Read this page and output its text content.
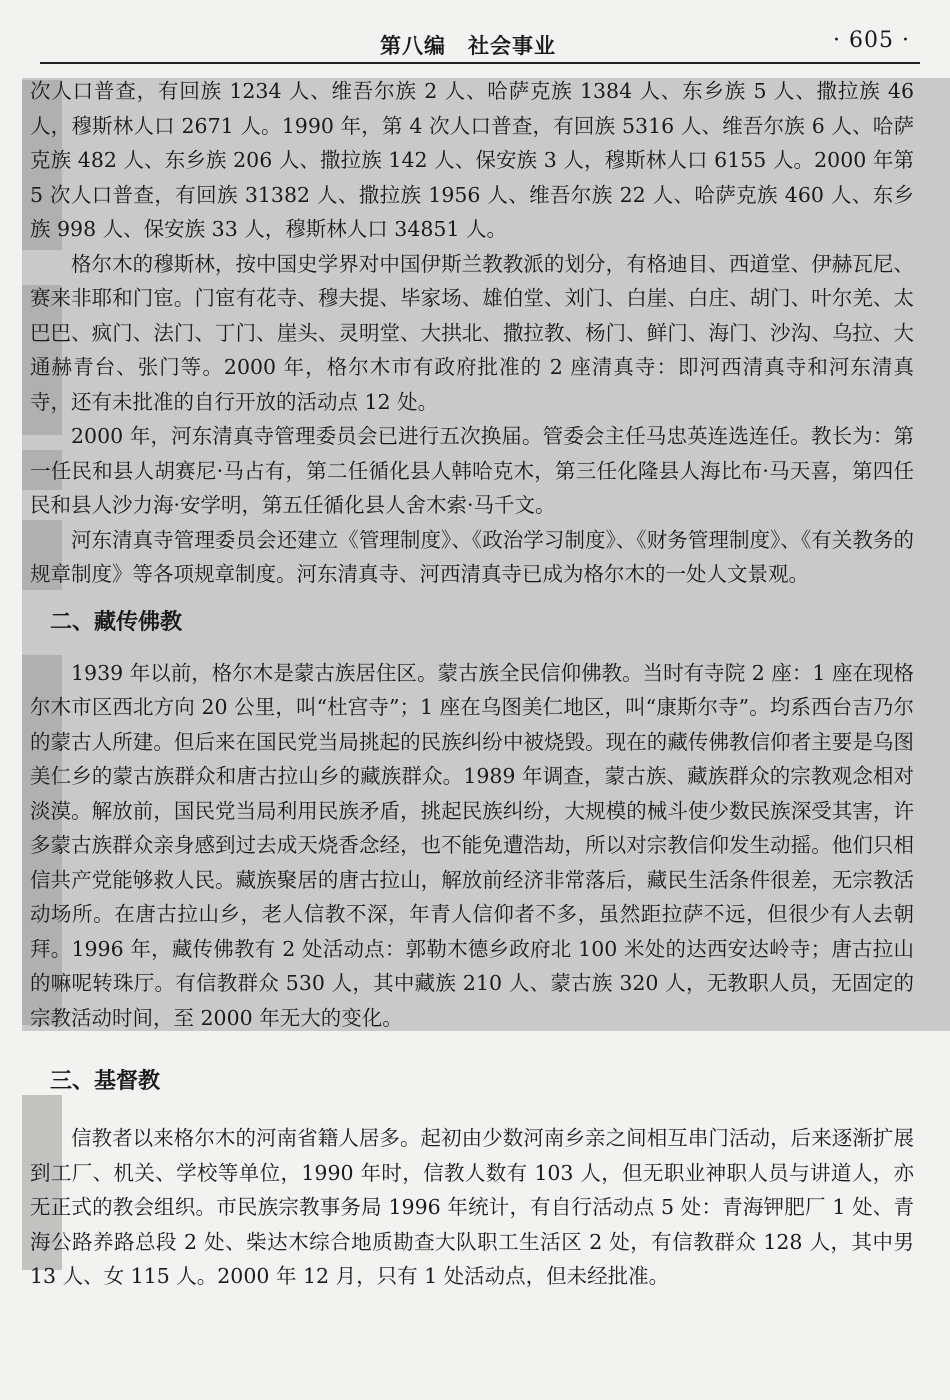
第八编　社会事业	· 605 ·

次人口普查，有回族 1234 人、维吾尔族 2 人、哈萨克族 1384 人、东乡族 5 人、撒拉族 46 人，穆斯林人口 2671 人。1990 年，第 4 次人口普查，有回族 5316 人、维吾尔族 6 人、哈萨克族 482 人、东乡族 206 人、撒拉族 142 人、保安族 3 人，穆斯林人口 6155 人。2000 年第 5 次人口普查，有回族 31382 人、撒拉族 1956 人、维吾尔族 22 人、哈萨克族 460 人、东乡族 998 人、保安族 33 人，穆斯林人口 34851 人。

格尔木的穆斯林，按中国史学界对中国伊斯兰教教派的划分，有格迪目、西道堂、伊赫瓦尼、赛来非耶和门宦。门宦有花寺、穆夫提、毕家场、雄伯堂、刘门、白崖、白庄、胡门、叶尔羌、太巴巴、疯门、法门、丁门、崖头、灵明堂、大拱北、撒拉教、杨门、鲜门、海门、沙沟、乌拉、大通赫青台、张门等。2000 年，格尔木市有政府批准的 2 座清真寺：即河西清真寺和河东清真寺，还有未批准的自行开放的活动点 12 处。

2000 年，河东清真寺管理委员会已进行五次换届。管委会主任马忠英连选连任。教长为：第一任民和县人胡赛尼·马占有，第二任循化县人韩哈克木，第三任化隆县人海比布·马天喜，第四任民和县人沙力海·安学明，第五任循化县人舍木索·马千文。

河东清真寺管理委员会还建立《管理制度》、《政治学习制度》、《财务管理制度》、《有关教务的规章制度》等各项规章制度。河东清真寺、河西清真寺已成为格尔木的一处人文景观。

二、藏传佛教

1939 年以前，格尔木是蒙古族居住区。蒙古族全民信仰佛教。当时有寺院 2 座：1 座在现格尔木市区西北方向 20 公里，叫“杜宫寺”；1 座在乌图美仁地区，叫“康斯尔寺”。均系西台吉乃尔的蒙古人所建。但后来在国民党当局挑起的民族纠纷中被烧毁。现在的藏传佛教信仰者主要是乌图美仁乡的蒙古族群众和唐古拉山乡的藏族群众。1989 年调查，蒙古族、藏族群众的宗教观念相对淡漠。解放前，国民党当局利用民族矛盾，挑起民族纠纷，大规模的械斗使少数民族深受其害，许多蒙古族群众亲身感到过去成天烧香念经，也不能免遭浩劫，所以对宗教信仰发生动摇。他们只相信共产党能够救人民。藏族聚居的唐古拉山，解放前经济非常落后，藏民生活条件很差，无宗教活动场所。在唐古拉山乡，老人信教不深，年青人信仰者不多，虽然距拉萨不远，但很少有人去朝拜。1996 年，藏传佛教有 2 处活动点：郭勒木德乡政府北 100 米处的达西安达岭寺；唐古拉山的嘛呢转珠厅。有信教群众 530 人，其中藏族 210 人、蒙古族 320 人，无教职人员，无固定的宗教活动时间，至 2000 年无大的变化。

三、基督教

信教者以来格尔木的河南省籍人居多。起初由少数河南乡亲之间相互串门活动，后来逐渐扩展到工厂、机关、学校等单位，1990 年时，信教人数有 103 人，但无职业神职人员与讲道人，亦无正式的教会组织。市民族宗教事务局 1996 年统计，有自行活动点 5 处：青海钾肥厂 1 处、青海公路养路总段 2 处、柴达木综合地质勘查大队职工生活区 2 处，有信教群众 128 人，其中男 13 人、女 115 人。2000 年 12 月，只有 1 处活动点，但未经批准。
